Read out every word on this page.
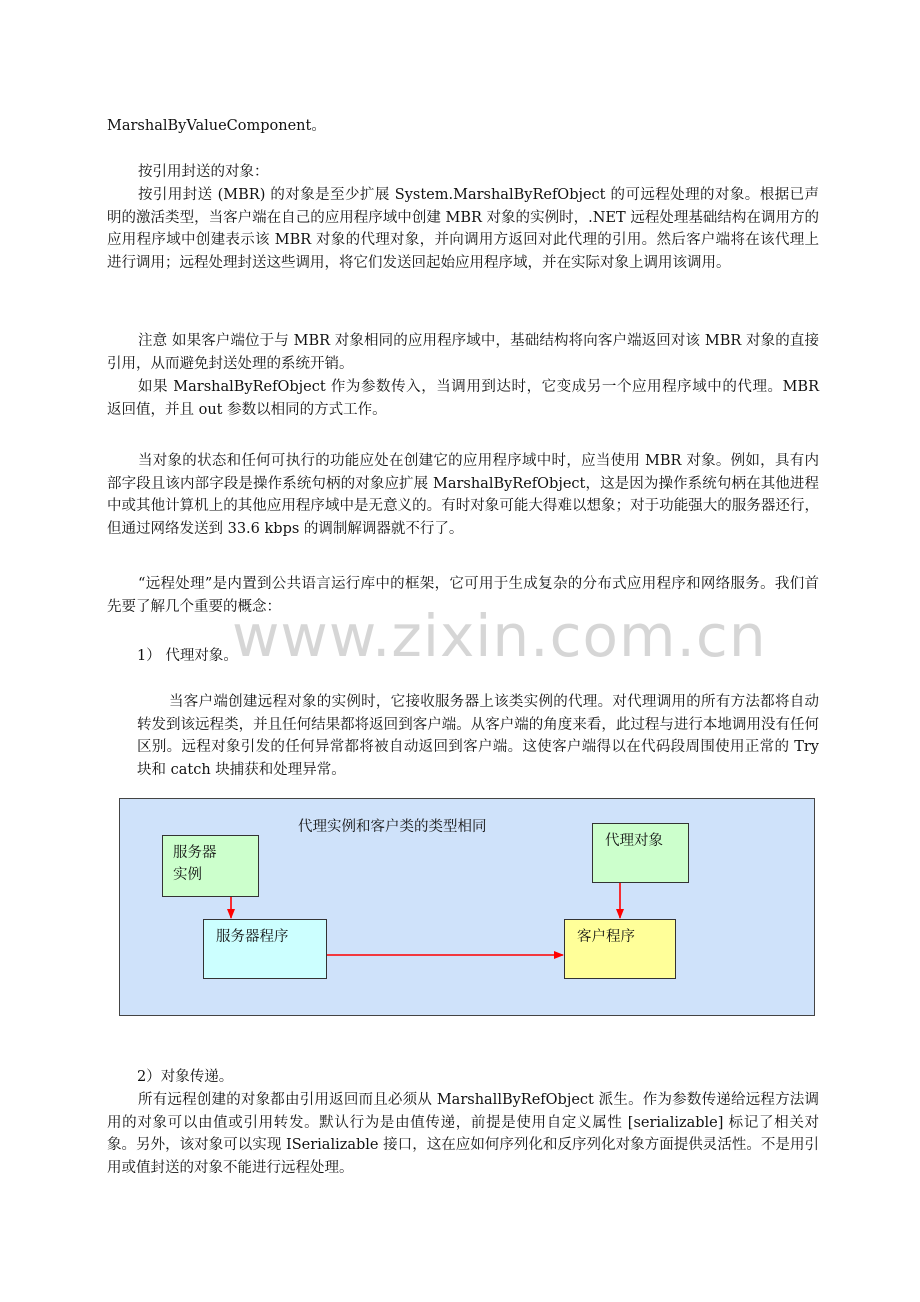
MarshalByValueComponent。

按引用封送的对象：

按引用封送 (MBR) 的对象是至少扩展 System.MarshalByRefObject 的可远程处理的对象。根据已声明的激活类型，当客户端在自己的应用程序域中创建 MBR 对象的实例时，.NET 远程处理基础结构在调用方的应用程序域中创建表示该 MBR 对象的代理对象，并向调用方返回对此代理的引用。然后客户端将在该代理上进行调用；远程处理封送这些调用，将它们发送回起始应用程序域，并在实际对象上调用该调用。

注意 如果客户端位于与 MBR 对象相同的应用程序域中，基础结构将向客户端返回对该 MBR 对象的直接引用，从而避免封送处理的系统开销。

如果 MarshalByRefObject 作为参数传入，当调用到达时，它变成另一个应用程序域中的代理。MBR 返回值，并且 out 参数以相同的方式工作。

当对象的状态和任何可执行的功能应处在创建它的应用程序域中时，应当使用 MBR 对象。例如，具有内部字段且该内部字段是操作系统句柄的对象应扩展 MarshalByRefObject，这是因为操作系统句柄在其他进程中或其他计算机上的其他应用程序域中是无意义的。有时对象可能大得难以想象；对于功能强大的服务器还行，但通过网络发送到 33.6 kbps 的调制解调器就不行了。

“远程处理”是内置到公共语言运行库中的框架，它可用于生成复杂的分布式应用程序和网络服务。我们首先要了解几个重要的概念：

www.zixin.com.cn

1） 代理对象。

当客户端创建远程对象的实例时，它接收服务器上该类实例的代理。对代理调用的所有方法都将自动转发到该远程类，并且任何结果都将返回到客户端。从客户端的角度来看，此过程与进行本地调用没有任何区别。远程对象引发的任何异常都将被自动返回到客户端。这使客户端得以在代码段周围使用正常的 Try 块和 catch 块捕获和处理异常。

代理实例和客户类的类型相同
服务器
实例
代理对象
服务器程序	客户程序

2）对象传递。

所有远程创建的对象都由引用返回而且必须从 MarshallByRefObject 派生。作为参数传递给远程方法调用的对象可以由值或引用转发。默认行为是由值传递，前提是使用自定义属性 [serializable] 标记了相关对象。另外，该对象可以实现 ISerializable 接口，这在应如何序列化和反序列化对象方面提供灵活性。不是用引用或值封送的对象不能进行远程处理。
